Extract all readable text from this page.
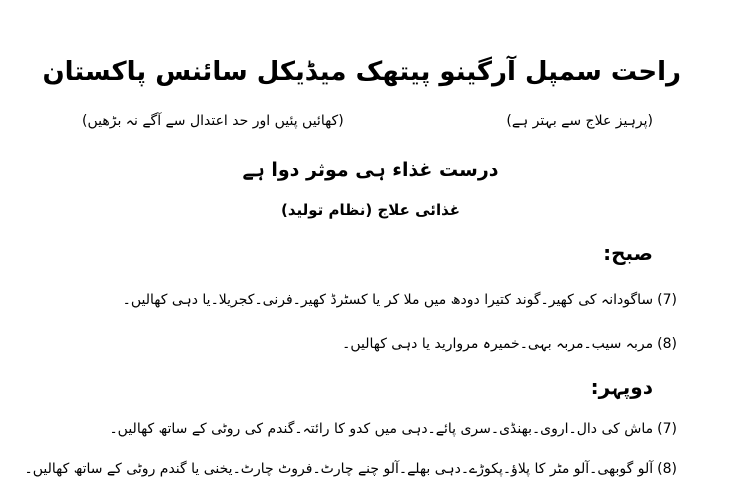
راحت سمپل آرگینو پیتھک میڈیکل سائنس پاکستان
(پرہیز علاج سے بہتر ہے)
(کھائیں پئیں اور حد اعتدال سے آگے نہ بڑھیں)
درست غذاء ہی موثر دوا ہے
غذائی علاج (نظام تولید)
صبح:
(7)ساگودانہ کی کھیر۔گوند کتیرا دودھ میں ملا کر یا کسٹرڈ کھیر۔فرنی۔کجریلا۔یا دہی کھالیں۔
(8)مربہ سیب۔مربہ بہی۔خمیرہ مروارید یا دہی کھالیں۔
دوپہر:
(7)ماش کی دال۔اروی۔بھنڈی۔سری پائے۔دہی میں کدو کا رائتہ۔گندم کی روٹی کے ساتھ کھالیں۔
(8)آلو گوبھی۔آلو مٹر کا پلاؤ۔پکوڑے۔دہی بھلے۔آلو چنے چارٹ۔فروٹ چارٹ۔یخنی یا گندم روٹی کے ساتھ کھالیں۔
